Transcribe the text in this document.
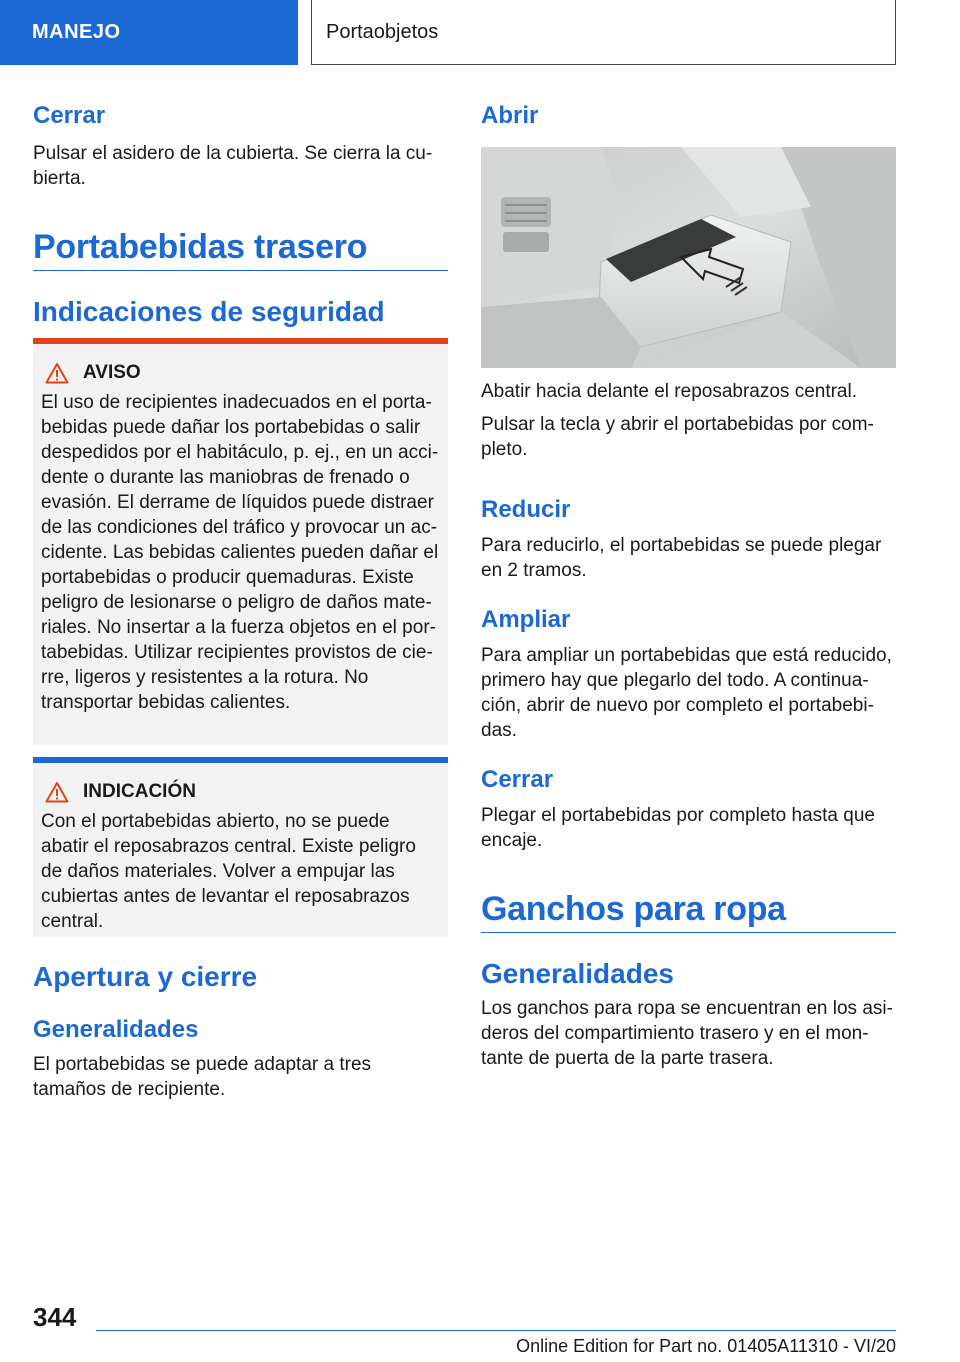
MANEJO	Portaobjetos
Cerrar

Pulsar el asidero de la cubierta. Se cierra la cu-bierta.

Portabebidas trasero
Indicaciones de seguridad
AVISO

El uso de recipientes inadecuados en el porta-bebidas puede dañar los portabebidas o salir despedidos por el habitáculo, p. ej., en un acci-dente o durante las maniobras de frenado o evasión. El derrame de líquidos puede distraer de las condiciones del tráfico y provocar un ac-cidente. Las bebidas calientes pueden dañar el portabebidas o producir quemaduras. Existe peligro de lesionarse o peligro de daños mate-riales. No insertar a la fuerza objetos en el por-tabebidas. Utilizar recipientes provistos de cie-rre, ligeros y resistentes a la rotura. No transportar bebidas calientes.

INDICACIÓN

Con el portabebidas abierto, no se puede abatir el reposabrazos central. Existe peligro de daños materiales. Volver a empujar las cubiertas antes de levantar el reposabrazos central.

Apertura y cierre
Generalidades

El portabebidas se puede adaptar a tres tamaños de recipiente.

Abrir

Abatir hacia delante el reposabrazos central.

Pulsar la tecla y abrir el portabebidas por com-pleto.

Reducir

Para reducirlo, el portabebidas se puede plegar en 2 tramos.

Ampliar

Para ampliar un portabebidas que está reducido, primero hay que plegarlo del todo. A continua-ción, abrir de nuevo por completo el portabebi-das.

Cerrar

Plegar el portabebidas por completo hasta que encaje.

Ganchos para ropa
Generalidades

Los ganchos para ropa se encuentran en los asi-deros del compartimiento trasero y en el mon-tante de puerta de la parte trasera.

344
Online Edition for Part no. 01405A11310 - VI/20
